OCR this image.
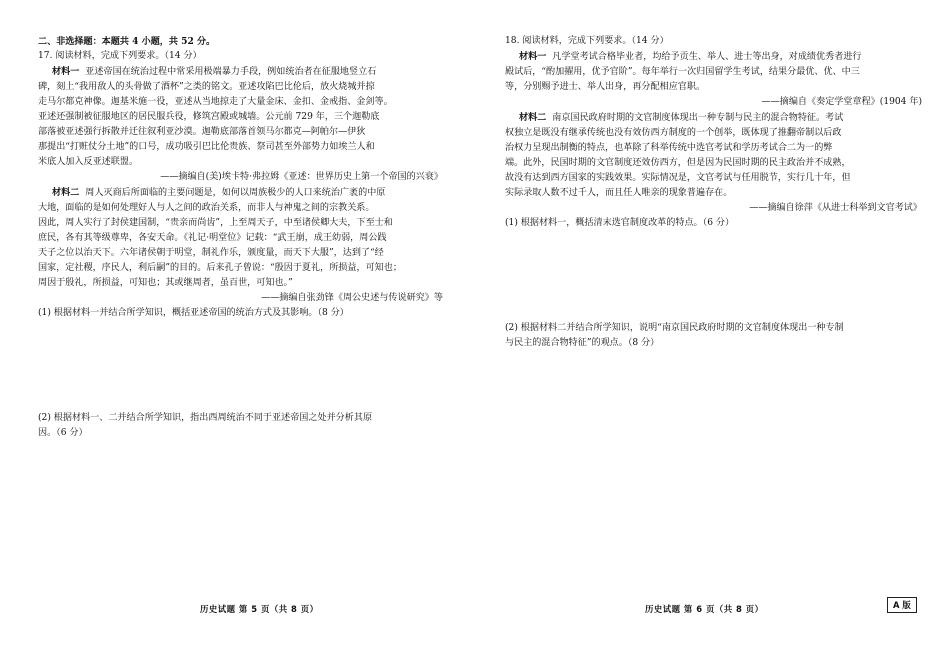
二、非选择题：本题共 4 小题，共 52 分。
17. 阅读材料，完成下列要求。（14 分）
材料一 亚述帝国在统治过程中常采用极端暴力手段，例如统治者在征服地竖立石
碑，刻上“我用敌人的头骨做了酒杯”之类的铭文。亚述攻陷巴比伦后，放火烧城并掠
走马尔都克神像。迦基米施一役，亚述从当地掠走了大量金床、金扣、金戒指、金剑等。
亚述还强制被征服地区的居民服兵役，修筑宫殿或城墙。公元前 729 年，三个迦勒底
部落被亚述强行拆散并迁往叙利亚沙漠。迦勒底部落首领马尔都克—阿帕尔—伊狄
那提出“打赃仗分土地”的口号，成功吸引巴比伦贵族、祭司甚至外部势力如埃兰人和
米底人加入反亚述联盟。
——摘编自(美)埃卡特·弗拉姆《亚述：世界历史上第一个帝国的兴衰》
材料二 周人灭商后所面临的主要问题是，如何以周族极少的人口来统治广袤的中原
大地，面临的是如何处理好人与人之间的政治关系，而非人与神鬼之间的宗教关系。
因此，周人实行了封侯建国制，“贵亲而尚齿”，上至周天子，中至诸侯卿大夫，下至士和
庶民，各有其等级尊卑，各安天命。《礼记·明堂位》记载：“武王崩，成王幼弱，周公践
天子之位以治天下。六年诸侯朝于明堂，制礼作乐，颁度量，而天下大服”，达到了“经
国家，定社稷，序民人，利后嗣”的目的。后来孔子曾说：“殷因于夏礼，所损益，可知也；
周因于殷礼，所损益，可知也；其或继周者，虽百世，可知也。”
——摘编自张劲锋《周公史述与传说研究》等
(1) 根据材料一并结合所学知识，概括亚述帝国的统治方式及其影响。（8 分）
(2) 根据材料一、二并结合所学知识，指出西周统治不同于亚述帝国之处并分析其原
因。（6 分）
18. 阅读材料，完成下列要求。（14 分）
材料一 凡学堂考试合格毕业者，均给予贡生、举人、进士等出身，对成绩优秀者进行
殿试后，“酌加擢用，优予官阶”。每年举行一次归国留学生考试，结果分最优、优、中三
等，分别赐予进士、举人出身，再分配相应官职。
——摘编自《奏定学堂章程》(1904 年)
材料二 南京国民政府时期的文官制度体现出一种专制与民主的混合物特征。考试
权独立是既没有继承传统也没有效仿西方制度的一个创举，既体现了推翻帝制以后政
治权力呈现出制衡的特点，也革除了科举传统中选官考试和学历考试合二为一的弊
端。此外，民国时期的文官制度还效仿西方，但是因为民国时期的民主政治并不成熟，
故没有达到西方国家的实践效果。实际情况是，文官考试与任用脱节，实行几十年，但
实际录取人数不过千人，而且任人唯亲的现象普遍存在。
——摘编自徐萍《从进士科举到文官考试》
(1) 根据材料一，概括清末选官制度改革的特点。（6 分）
(2) 根据材料二并结合所学知识，说明“南京国民政府时期的文官制度体现出一种专制
与民主的混合物特征”的观点。（8 分）
历史试题 第 5 页（共 8 页）	历史试题 第 6 页（共 8 页）	A 版
